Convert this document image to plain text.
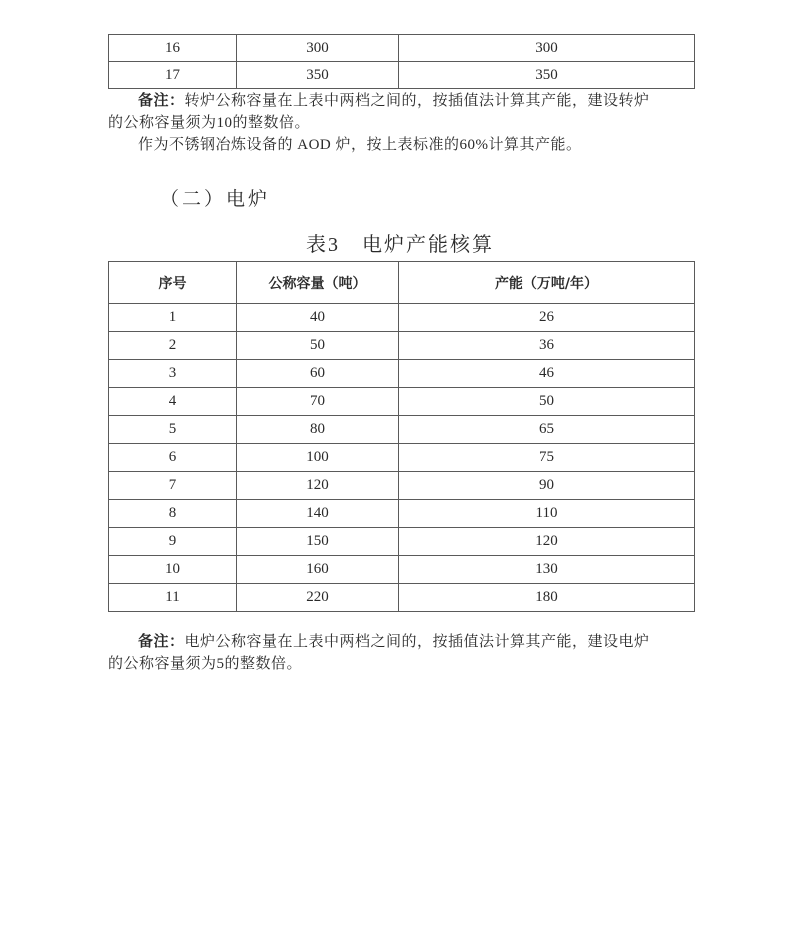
16	300	300
17	350	350
备注：转炉公称容量在上表中两档之间的，按插值法计算其产能，建设转炉
的公称容量须为10的整数倍。
作为不锈钢冶炼设备的 AOD 炉，按上表标准的60%计算其产能。
（二）电炉
表3　电炉产能核算
序号	公称容量（吨）	产能（万吨/年）
1	40	26
2	50	36
3	60	46
4	70	50
5	80	65
6	100	75
7	120	90
8	140	110
9	150	120
10	160	130
11	220	180
备注：电炉公称容量在上表中两档之间的，按插值法计算其产能，建设电炉
的公称容量须为5的整数倍。
